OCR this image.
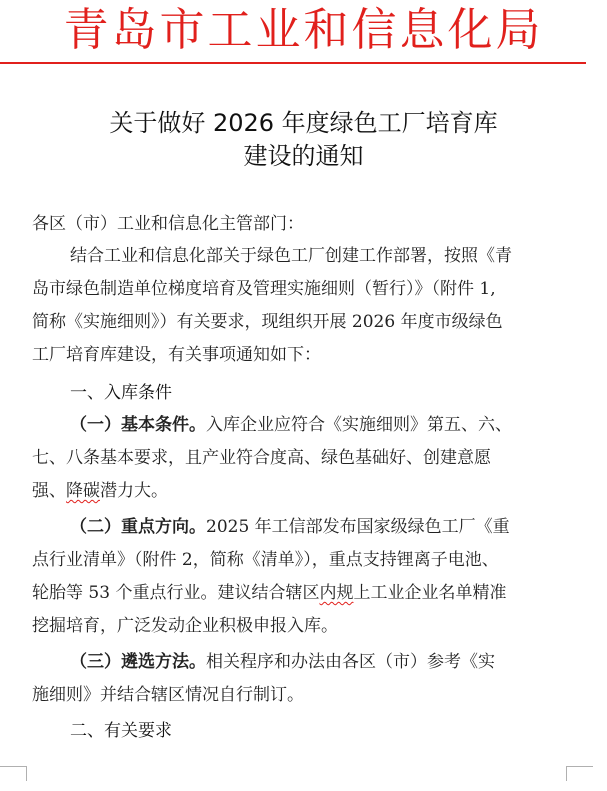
青岛市工业和信息化局
关于做好 2026 年度绿色工厂培育库
建设的通知
各区（市）工业和信息化主管部门：
结合工业和信息化部关于绿色工厂创建工作部署，按照《青
岛市绿色制造单位梯度培育及管理实施细则（暂行）》（附件 1,
简称《实施细则》）有关要求，现组织开展 2026 年度市级绿色
工厂培育库建设，有关事项通知如下：
一、入库条件
（一）基本条件。入库企业应符合《实施细则》第五、六、
七、八条基本要求，且产业符合度高、绿色基础好、创建意愿
强、降碳潜力大。
（二）重点方向。2025 年工信部发布国家级绿色工厂《重
点行业清单》（附件 2，简称《清单》），重点支持锂离子电池、
轮胎等 53 个重点行业。建议结合辖区内规上工业企业名单精准
挖掘培育，广泛发动企业积极申报入库。
（三）遴选方法。相关程序和办法由各区（市）参考《实
施细则》并结合辖区情况自行制订。
二、有关要求
